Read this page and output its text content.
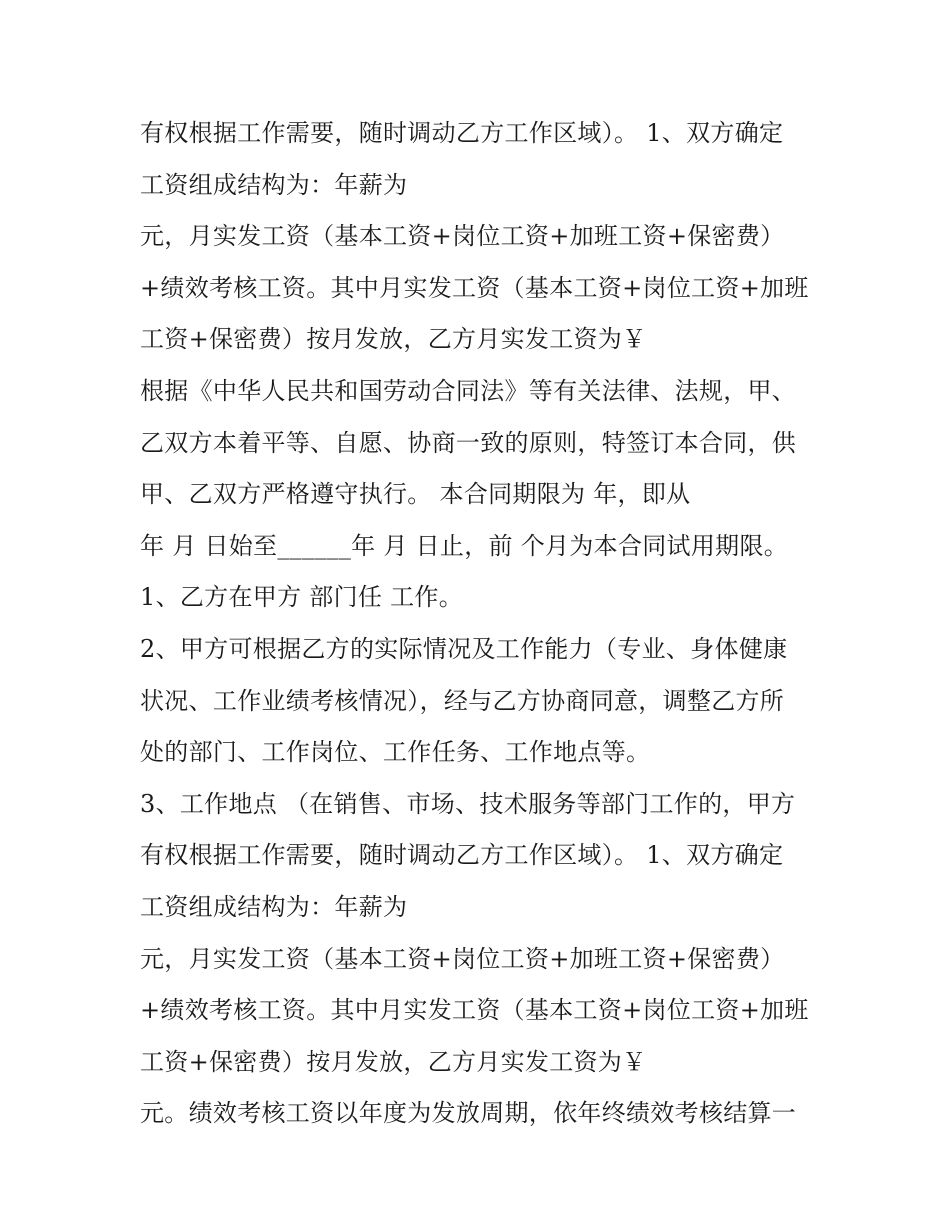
有权根据工作需要，随时调动乙方工作区域）。 1、双方确定
工资组成结构为：年薪为
元，月实发工资（基本工资+岗位工资+加班工资+保密费）
+绩效考核工资。其中月实发工资（基本工资+岗位工资+加班
工资+保密费）按月发放，乙方月实发工资为￥
根据《中华人民共和国劳动合同法》等有关法律、法规，甲、
乙双方本着平等、自愿、协商一致的原则，特签订本合同，供
甲、乙双方严格遵守执行。 本合同期限为 年，即从
年 月 日始至______年 月 日止，前 个月为本合同试用期限。
1、乙方在甲方 部门任 工作。
2、甲方可根据乙方的实际情况及工作能力（专业、身体健康
状况、工作业绩考核情况），经与乙方协商同意，调整乙方所
处的部门、工作岗位、工作任务、工作地点等。
3、工作地点 （在销售、市场、技术服务等部门工作的，甲方
有权根据工作需要，随时调动乙方工作区域）。 1、双方确定
工资组成结构为：年薪为
元，月实发工资（基本工资+岗位工资+加班工资+保密费）
+绩效考核工资。其中月实发工资（基本工资+岗位工资+加班
工资+保密费）按月发放，乙方月实发工资为￥
元。绩效考核工资以年度为发放周期，依年终绩效考核结算一
